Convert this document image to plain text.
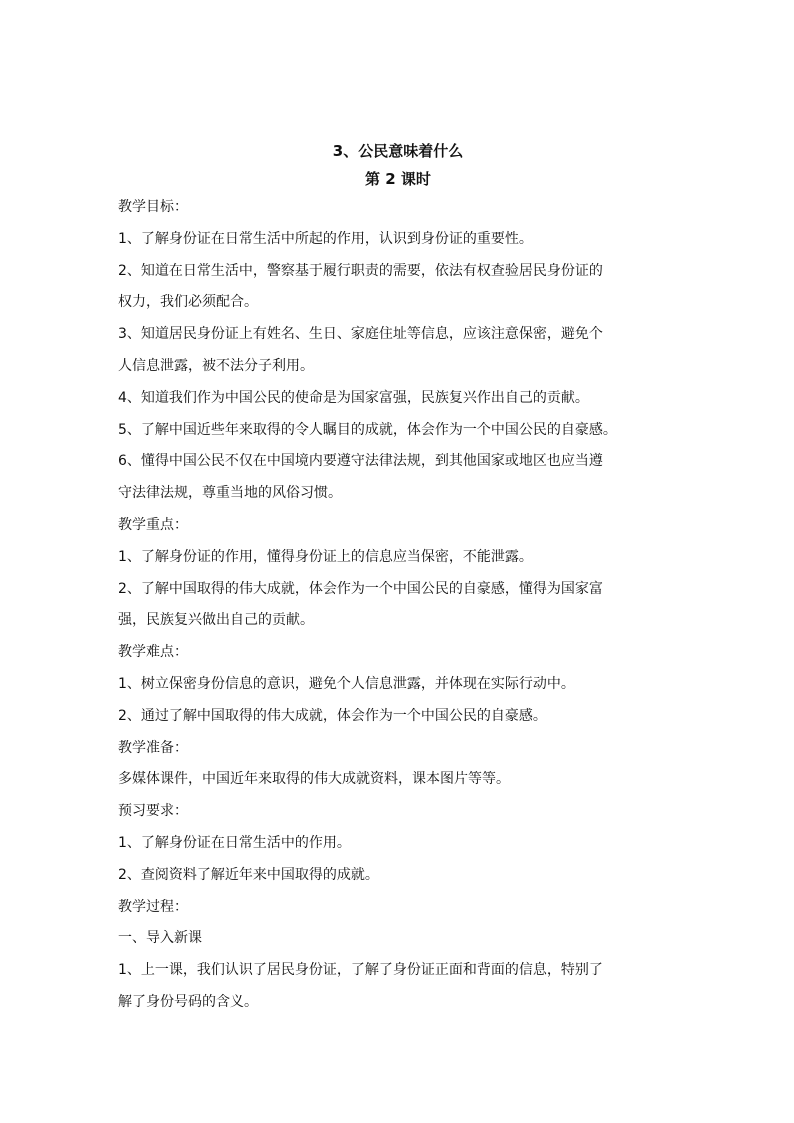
3、公民意味着什么
第 2 课时
教学目标：
1、了解身份证在日常生活中所起的作用，认识到身份证的重要性。
2、知道在日常生活中，警察基于履行职责的需要，依法有权查验居民身份证的
权力，我们必须配合。
3、知道居民身份证上有姓名、生日、家庭住址等信息，应该注意保密，避免个
人信息泄露，被不法分子利用。
4、知道我们作为中国公民的使命是为国家富强，民族复兴作出自己的贡献。
5、了解中国近些年来取得的令人瞩目的成就，体会作为一个中国公民的自豪感。
6、懂得中国公民不仅在中国境内要遵守法律法规，到其他国家或地区也应当遵
守法律法规，尊重当地的风俗习惯。
教学重点：
1、了解身份证的作用，懂得身份证上的信息应当保密，不能泄露。
2、了解中国取得的伟大成就，体会作为一个中国公民的自豪感，懂得为国家富
强，民族复兴做出自己的贡献。
教学难点：
1、树立保密身份信息的意识，避免个人信息泄露，并体现在实际行动中。
2、通过了解中国取得的伟大成就，体会作为一个中国公民的自豪感。
教学准备：
多媒体课件，中国近年来取得的伟大成就资料，课本图片等等。
预习要求：
1、了解身份证在日常生活中的作用。
2、查阅资料了解近年来中国取得的成就。
教学过程：
一、导入新课
1、上一课，我们认识了居民身份证，了解了身份证正面和背面的信息，特别了
解了身份号码的含义。
